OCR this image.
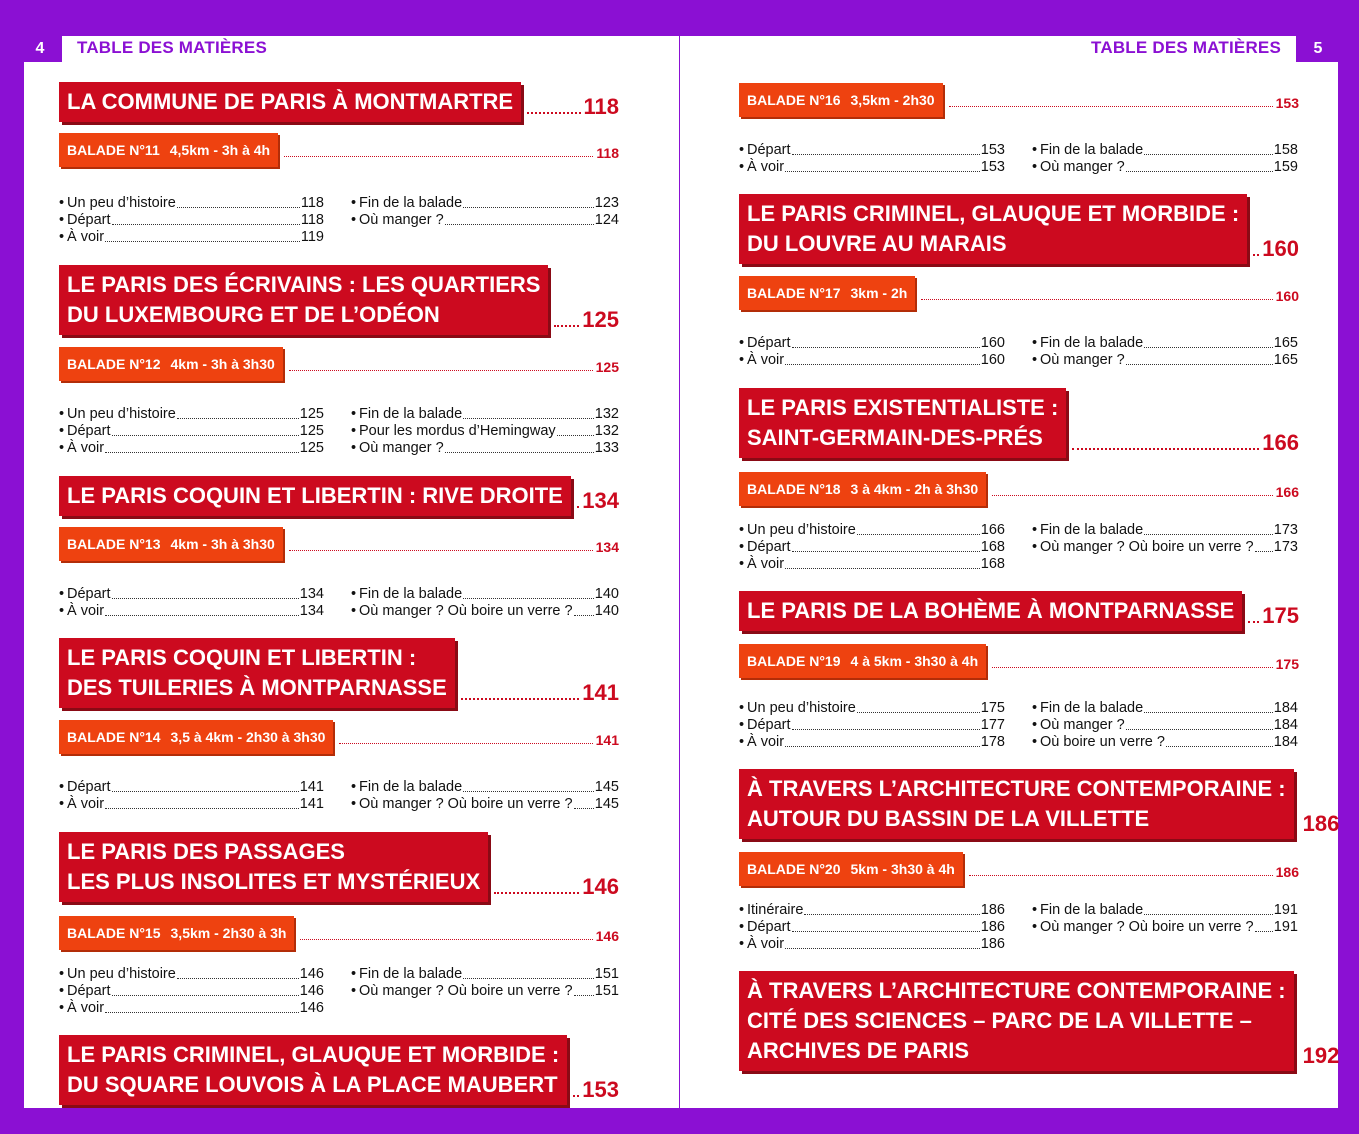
4	TABLE DES MATIÈRES	TABLE DES MATIÈRES	5
LA COMMUNE DE PARIS À MONTMARTRE	118
BALADE N°11 4,5km - 3h à 4h	118
• Un peu d’histoire	118
• Départ	118
• À voir	119
• Fin de la balade	123
• Où manger ?	124
LE PARIS DES ÉCRIVAINS : LES QUARTIERS
DU LUXEMBOURG ET DE L’ODÉON	125
BALADE N°12 4km - 3h à 3h30	125
• Un peu d’histoire	125
• Départ	125
• À voir	125
• Fin de la balade	132
• Pour les mordus d’Hemingway	132
• Où manger ?	133
LE PARIS COQUIN ET LIBERTIN : RIVE DROITE 134
BALADE N°13 4km - 3h à 3h30	134
• Départ	134
• À voir	134
• Fin de la balade	140
• Où manger ? Où boire un verre ? 140
LE PARIS COQUIN ET LIBERTIN :
DES TUILERIES À MONTPARNASSE	141
BALADE N°14 3,5 à 4km - 2h30 à 3h30	141
• Départ	141
• À voir	141
• Fin de la balade	145
• Où manger ? Où boire un verre ? 145
LE PARIS DES PASSAGES
LES PLUS INSOLITES ET MYSTÉRIEUX	146
BALADE N°15 3,5km - 2h30 à 3h	146
• Un peu d’histoire	146
• Départ	146
• À voir	146
• Fin de la balade	151
• Où manger ? Où boire un verre ? 151
LE PARIS CRIMINEL, GLAUQUE ET MORBIDE :
DU SQUARE LOUVOIS À LA PLACE MAUBERT 153
BALADE N°16 3,5km - 2h30	153
• Départ	153
• À voir	153
• Fin de la balade	158
• Où manger ?	159
LE PARIS CRIMINEL, GLAUQUE ET MORBIDE :
DU LOUVRE AU MARAIS	160
BALADE N°17 3km - 2h	160
• Départ	160
• À voir	160
• Fin de la balade	165
• Où manger ?	165
LE PARIS EXISTENTIALISTE :
SAINT-GERMAIN-DES-PRÉS	166
BALADE N°18 3 à 4km - 2h à 3h30	166
• Un peu d’histoire	166
• Départ	168
• À voir	168
• Fin de la balade	173
• Où manger ? Où boire un verre ? 173
LE PARIS DE LA BOHÈME À MONTPARNASSE 175
BALADE N°19 4 à 5km - 3h30 à 4h	175
• Un peu d’histoire	175
• Départ	177
• À voir	178
• Fin de la balade	184
• Où manger ?	184
• Où boire un verre ?	184
À TRAVERS L’ARCHITECTURE CONTEMPORAINE :
AUTOUR DU BASSIN DE LA VILLETTE	186
BALADE N°20 5km - 3h30 à 4h	186
• Itinéraire	186
• Départ	186
• À voir	186
• Fin de la balade	191
• Où manger ? Où boire un verre ? 191
À TRAVERS L’ARCHITECTURE CONTEMPORAINE :
CITÉ DES SCIENCES – PARC DE LA VILLETTE –
ARCHIVES DE PARIS	192
